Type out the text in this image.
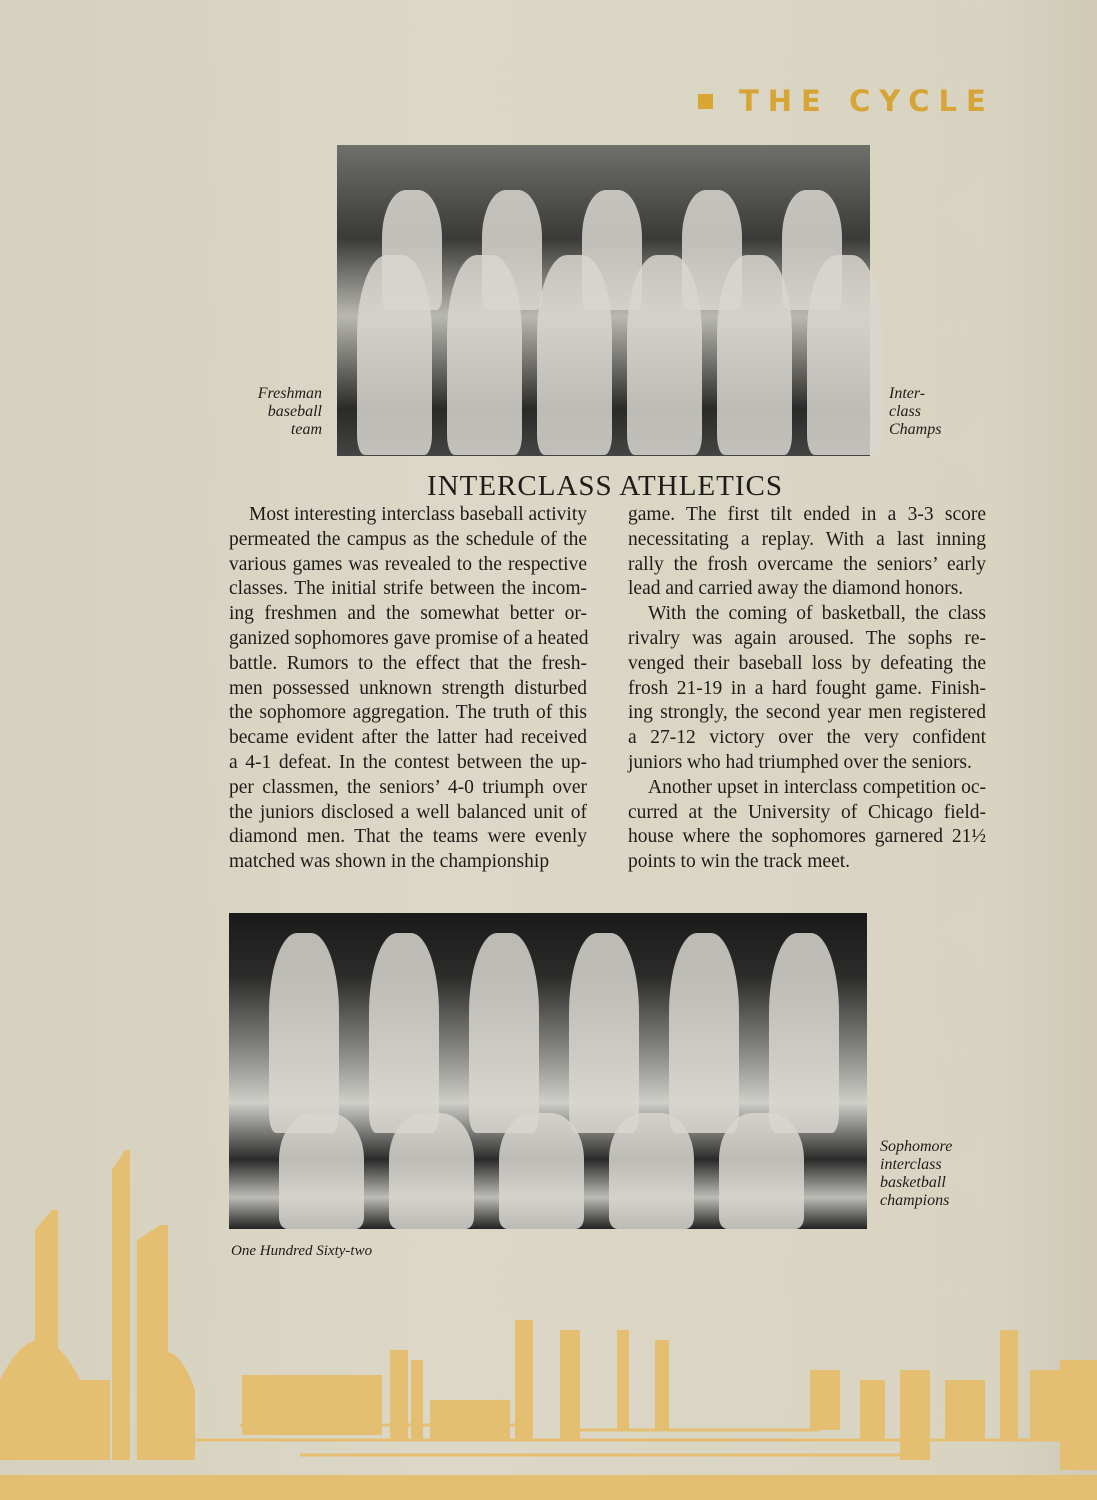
THE CYCLE
Freshman
baseball
team
Inter-
class
Champs
INTERCLASS ATHLETICS
Most interesting interclass baseball activity
permeated the campus as the schedule of the
various games was revealed to the respective
classes. The initial strife between the incom-
ing freshmen and the somewhat better or-
ganized sophomores gave promise of a heated
battle. Rumors to the effect that the fresh-
men possessed unknown strength disturbed
the sophomore aggregation. The truth of this
became evident after the latter had received
a 4-1 defeat. In the contest between the up-
per classmen, the seniors’ 4-0 triumph over
the juniors disclosed a well balanced unit of
diamond men. That the teams were evenly
matched was shown in the championship
game. The first tilt ended in a 3-3 score
necessitating a replay. With a last inning
rally the frosh overcame the seniors’ early
lead and carried away the diamond honors.
With the coming of basketball, the class
rivalry was again aroused. The sophs re-
venged their baseball loss by defeating the
frosh 21-19 in a hard fought game. Finish-
ing strongly, the second year men registered
a 27-12 victory over the very confident
juniors who had triumphed over the seniors.
Another upset in interclass competition oc-
curred at the University of Chicago field-
house where the sophomores garnered 21½
points to win the track meet.
Sophomore
interclass
basketball
champions
One Hundred Sixty-two
